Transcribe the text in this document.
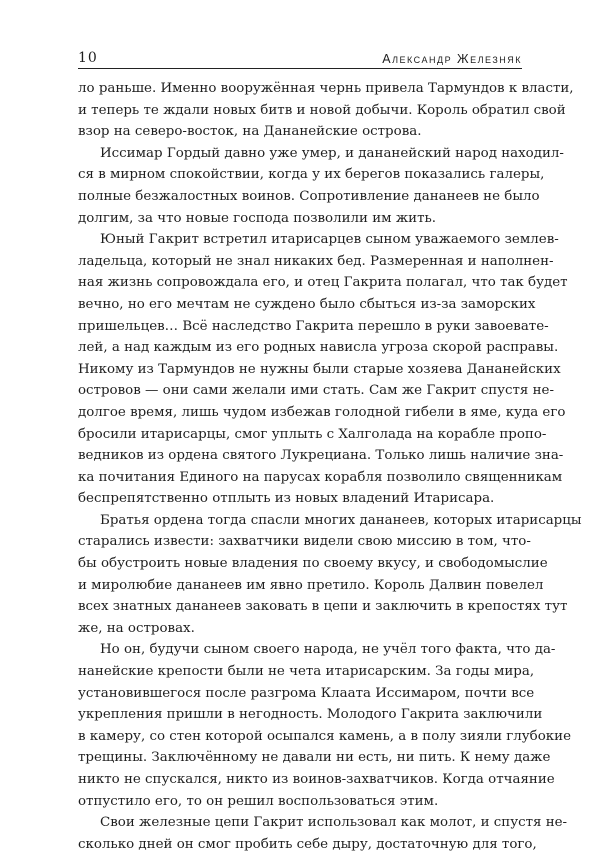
10	Александр Железняк
ло раньше. Именно вооружённая чернь привела Тармундов к власти,
и теперь те ждали новых битв и новой добычи. Король обратил свой
взор на северо-восток, на Дананейские острова.
Иссимар Гордый давно уже умер, и дананейский народ находил-
ся в мирном спокойствии, когда у их берегов показались галеры,
полные безжалостных воинов. Сопротивление дананеев не было
долгим, за что новые господа позволили им жить.
Юный Гакрит встретил итарисарцев сыном уважаемого землев-
ладельца, который не знал никаких бед. Размеренная и наполнен-
ная жизнь сопровождала его, и отец Гакрита полагал, что так будет
вечно, но его мечтам не суждено было сбыться из-за заморских
пришельцев… Всё наследство Гакрита перешло в руки завоевате-
лей, а над каждым из его родных нависла угроза скорой расправы.
Никому из Тармундов не нужны были старые хозяева Дананейских
островов — они сами желали ими стать. Сам же Гакрит спустя не-
долгое время, лишь чудом избежав голодной гибели в яме, куда его
бросили итарисарцы, смог уплыть с Халголада на корабле пропо-
ведников из ордена святого Лукрециана. Только лишь наличие зна-
ка почитания Единого на парусах корабля позволило священникам
беспрепятственно отплыть из новых владений Итарисара.
Братья ордена тогда спасли многих дананеев, которых итарисарцы
старались извести: захватчики видели свою миссию в том, что-
бы обустроить новые владения по своему вкусу, и свободомыслие
и миролюбие дананеев им явно претило. Король Далвин повелел
всех знатных дананеев заковать в цепи и заключить в крепостях тут
же, на островах.
Но он, будучи сыном своего народа, не учёл того факта, что да-
нанейские крепости были не чета итарисарским. За годы мира,
установившегося после разгрома Клаата Иссимаром, почти все
укрепления пришли в негодность. Молодого Гакрита заключили
в камеру, со стен которой осыпался камень, а в полу зияли глубокие
трещины. Заключённому не давали ни есть, ни пить. К нему даже
никто не спускался, никто из воинов-захватчиков. Когда отчаяние
отпустило его, то он решил воспользоваться этим.
Свои железные цепи Гакрит использовал как молот, и спустя не-
сколько дней он смог пробить себе дыру, достаточную для того,
